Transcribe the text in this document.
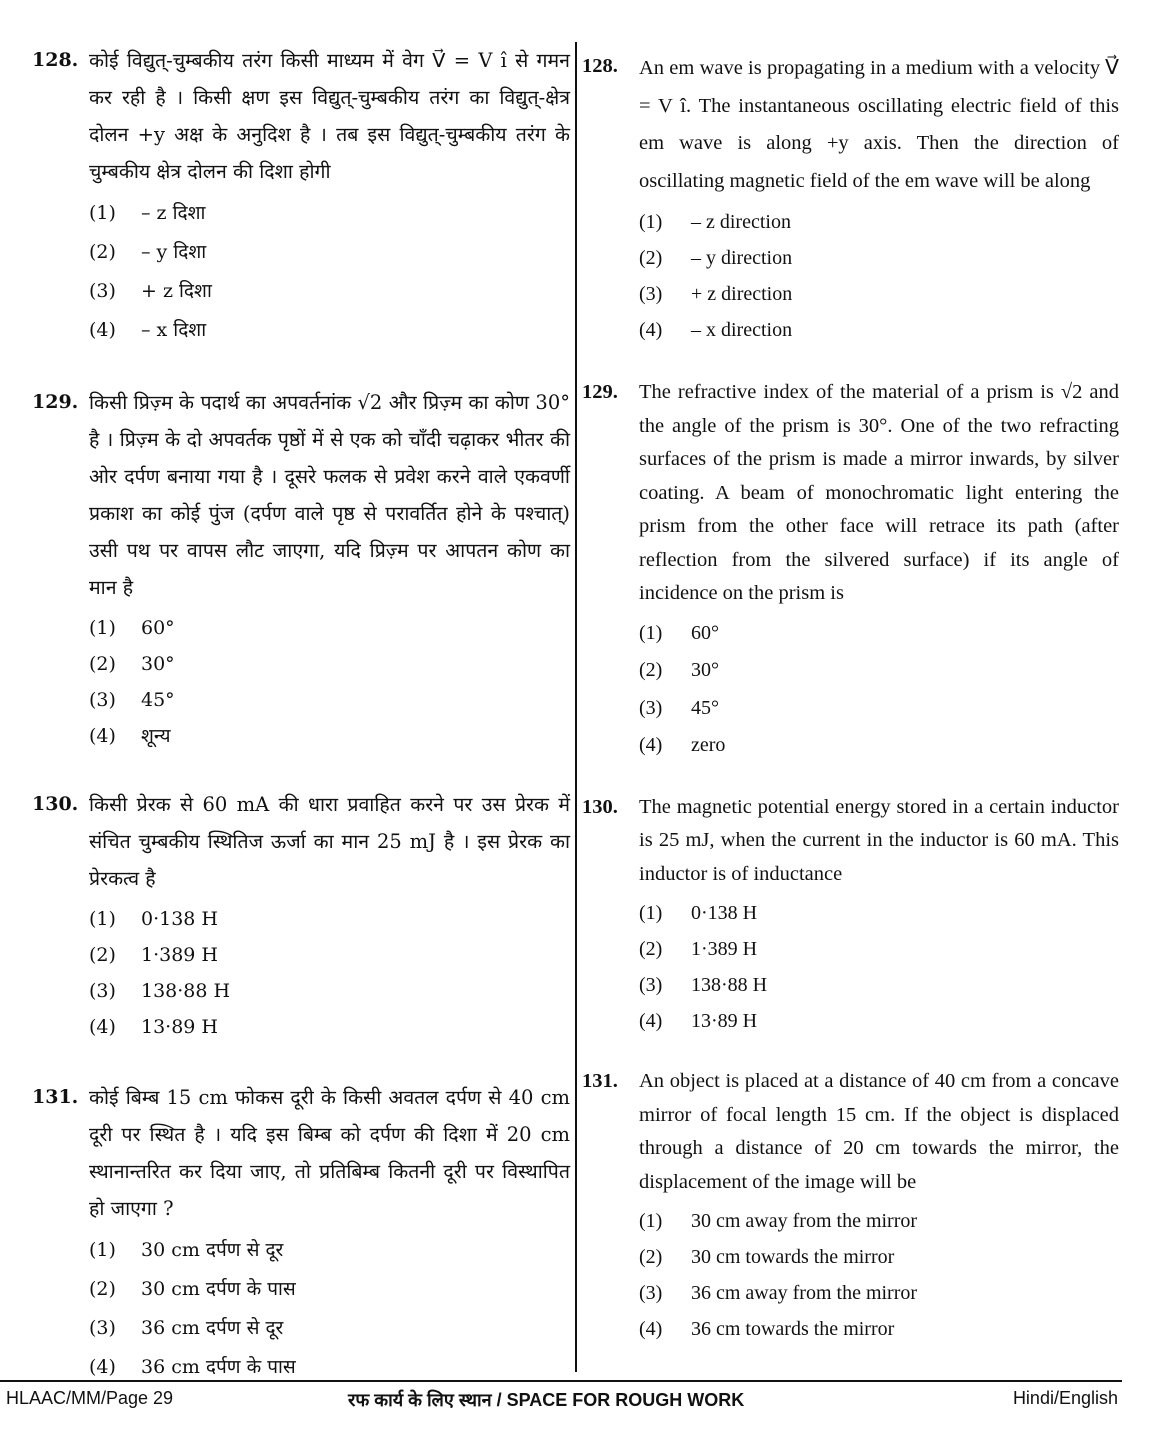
128. कोई विद्युत्-चुम्बकीय तरंग किसी माध्यम में वेग V⃗ = V î से गमन कर रही है । किसी क्षण इस विद्युत्-चुम्बकीय तरंग का विद्युत्-क्षेत्र दोलन +y अक्ष के अनुदिश है । तब इस विद्युत्-चुम्बकीय तरंग के चुम्बकीय क्षेत्र दोलन की दिशा होगी
(1)	– z दिशा
(2)	– y दिशा
(3)	+ z दिशा
(4)	– x दिशा
129. किसी प्रिज़्म के पदार्थ का अपवर्तनांक √2 और प्रिज़्म का कोण 30° है । प्रिज़्म के दो अपवर्तक पृष्ठों में से एक को चाँदी चढ़ाकर भीतर की ओर दर्पण बनाया गया है । दूसरे फलक से प्रवेश करने वाले एकवर्णी प्रकाश का कोई पुंज (दर्पण वाले पृष्ठ से परावर्तित होने के पश्चात्) उसी पथ पर वापस लौट जाएगा, यदि प्रिज़्म पर आपतन कोण का मान है
(1)	60°
(2)	30°
(3)	45°
(4)	शून्य
130. किसी प्रेरक से 60 mA की धारा प्रवाहित करने पर उस प्रेरक में संचित चुम्बकीय स्थितिज ऊर्जा का मान 25 mJ है । इस प्रेरक का प्रेरकत्व है
(1)	0·138 H
(2)	1·389 H
(3)	138·88 H
(4)	13·89 H
131. कोई बिम्ब 15 cm फोकस दूरी के किसी अवतल दर्पण से 40 cm दूरी पर स्थित है । यदि इस बिम्ब को दर्पण की दिशा में 20 cm स्थानान्तरित कर दिया जाए, तो प्रतिबिम्ब कितनी दूरी पर विस्थापित हो जाएगा ?
(1)	30 cm दर्पण से दूर
(2)	30 cm दर्पण के पास
(3)	36 cm दर्पण से दूर
(4)	36 cm दर्पण के पास
128. An em wave is propagating in a medium with a velocity V⃗ = V î. The instantaneous oscillating electric field of this em wave is along +y axis. Then the direction of oscillating magnetic field of the em wave will be along
(1)	– z direction
(2)	– y direction
(3)	+ z direction
(4)	– x direction
129. The refractive index of the material of a prism is √2 and the angle of the prism is 30°. One of the two refracting surfaces of the prism is made a mirror inwards, by silver coating. A beam of monochromatic light entering the prism from the other face will retrace its path (after reflection from the silvered surface) if its angle of incidence on the prism is
(1)	60°
(2)	30°
(3)	45°
(4)	zero
130. The magnetic potential energy stored in a certain inductor is 25 mJ, when the current in the inductor is 60 mA. This inductor is of inductance
(1)	0·138 H
(2)	1·389 H
(3)	138·88 H
(4)	13·89 H
131. An object is placed at a distance of 40 cm from a concave mirror of focal length 15 cm. If the object is displaced through a distance of 20 cm towards the mirror, the displacement of the image will be
(1)	30 cm away from the mirror
(2)	30 cm towards the mirror
(3)	36 cm away from the mirror
(4)	36 cm towards the mirror
HLAAC/MM/Page 29	रफ कार्य के लिए स्थान / SPACE FOR ROUGH WORK	Hindi/English
